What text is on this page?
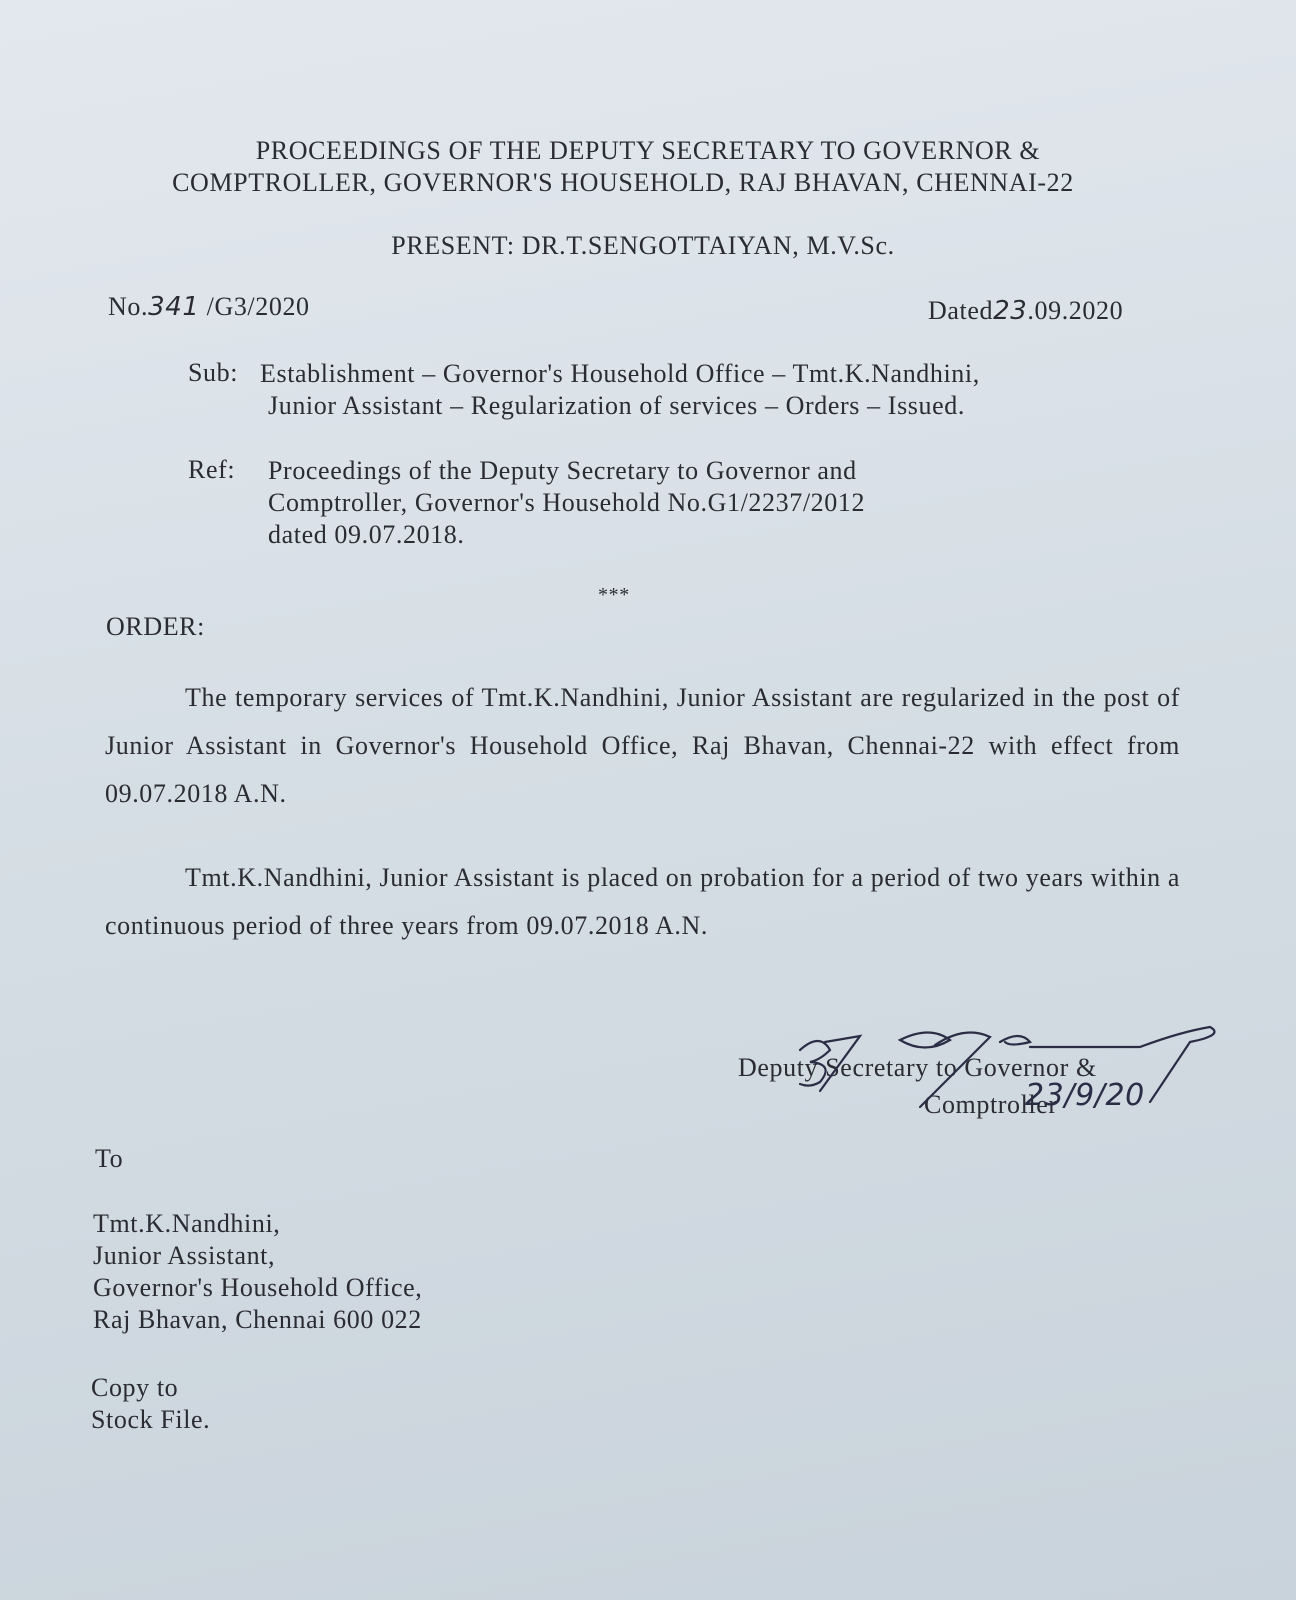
PROCEEDINGS OF THE DEPUTY SECRETARY TO GOVERNOR &
COMPTROLLER, GOVERNOR'S HOUSEHOLD, RAJ BHAVAN, CHENNAI-22
PRESENT: DR.T.SENGOTTAIYAN, M.V.Sc.
No.341 /G3/2020	Dated23.09.2020
Sub: Establishment – Governor's Household Office – Tmt.K.Nandhini,
Junior Assistant – Regularization of services – Orders – Issued.
Ref: Proceedings of the Deputy Secretary to Governor and
Comptroller, Governor's Household No.G1/2237/2012
dated 09.07.2018.
***
ORDER:
The temporary services of Tmt.K.Nandhini, Junior Assistant are regularized in the post of Junior Assistant in Governor's Household Office, Raj Bhavan, Chennai-22 with effect from 09.07.2018 A.N.
Tmt.K.Nandhini, Junior Assistant is placed on probation for a period of two years within a continuous period of three years from 09.07.2018 A.N.
Deputy Secretary to Governor &
Comptroller
23/9/20
To
Tmt.K.Nandhini,
Junior Assistant,
Governor's Household Office,
Raj Bhavan, Chennai 600 022
Copy to
Stock File.
